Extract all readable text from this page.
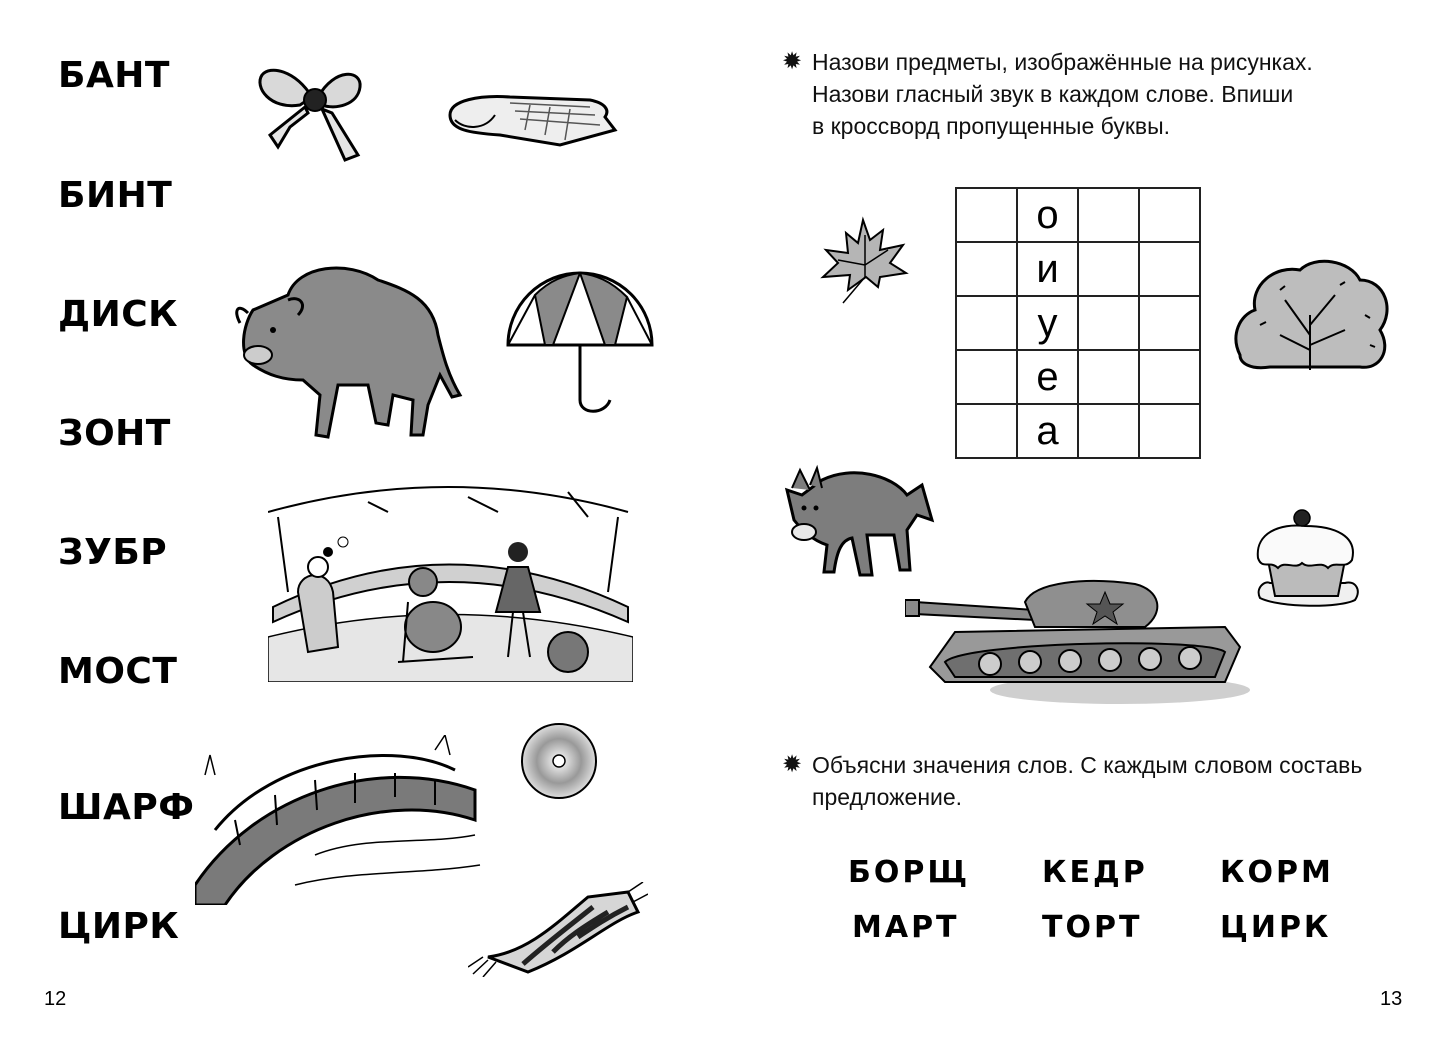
БАНТ
БИНТ
ДИСК
ЗОНТ
ЗУБР
МОСТ
ШАРФ
ЦИРК
12
✹ Назови предметы, изображённые на рисунках.
Назови гласный звук в каждом слове. Впиши
в кроссворд пропущенные буквы.
	о		
	и		
	у		
	е		
	а		
✹ Объясни значения слов. С каждым словом составь
предложение.
БОРЩ КЕДР КОРМ
МАРТ	ТОРТ	ЦИРК
13
